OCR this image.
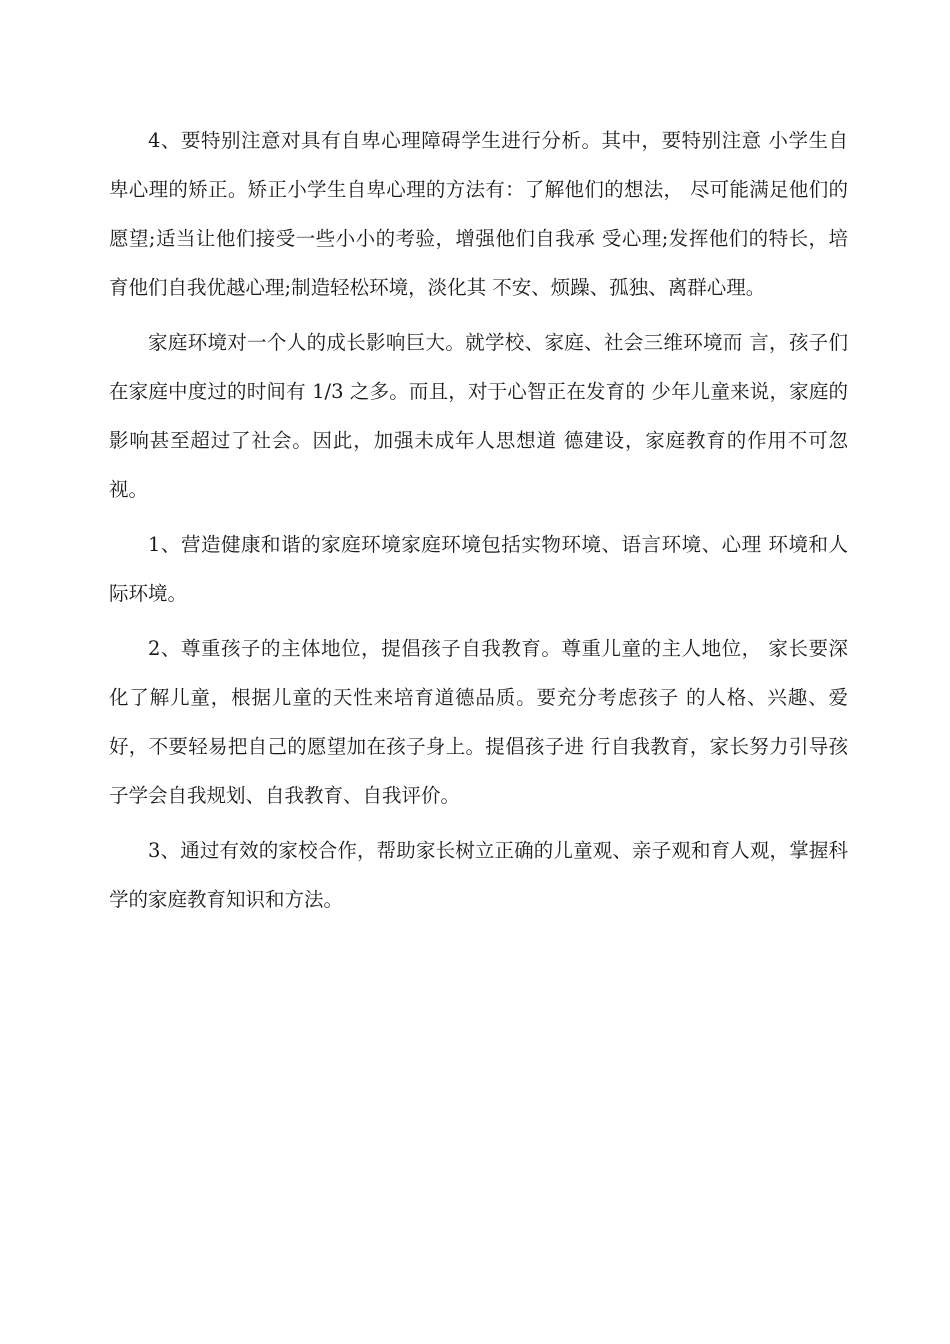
4、要特别注意对具有自卑心理障碍学生进行分析。其中，要特别注意 小学生自卑心理的矫正。矫正小学生自卑心理的方法有：了解他们的想法， 尽可能满足他们的愿望;适当让他们接受一些小小的考验，增强他们自我承 受心理;发挥他们的特长，培育他们自我优越心理;制造轻松环境，淡化其 不安、烦躁、孤独、离群心理。

家庭环境对一个人的成长影响巨大。就学校、家庭、社会三维环境而 言，孩子们在家庭中度过的时间有 1/3 之多。而且，对于心智正在发育的 少年儿童来说，家庭的影响甚至超过了社会。因此，加强未成年人思想道 德建设，家庭教育的作用不可忽视。

1、营造健康和谐的家庭环境家庭环境包括实物环境、语言环境、心理 环境和人际环境。

2、尊重孩子的主体地位，提倡孩子自我教育。尊重儿童的主人地位， 家长要深化了解儿童，根据儿童的天性来培育道德品质。要充分考虑孩子 的人格、兴趣、爱好，不要轻易把自己的愿望加在孩子身上。提倡孩子进 行自我教育，家长努力引导孩子学会自我规划、自我教育、自我评价。

3、通过有效的家校合作，帮助家长树立正确的儿童观、亲子观和育人观，掌握科学的家庭教育知识和方法。
